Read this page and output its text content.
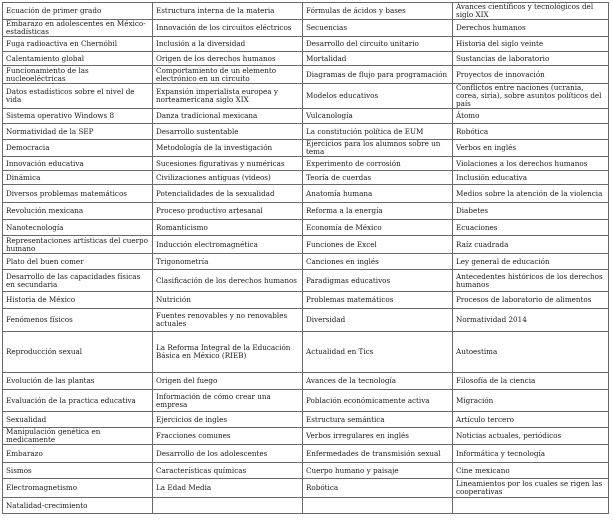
Ecuación de primer grado	Estructura interna de la materia	Fórmulas de ácidos y bases	Avances científicos y tecnológicos del siglo XIX
Embarazo en adolescentes en México-estadísticas	Innovación de los circuitos eléctricos	Secuencias	Derechos humanos
Fuga radioactiva en Chernóbil	Inclusión a la diversidad	Desarrollo del circuito unitario	Historia del siglo veinte
Calentamiento global	Origen de los derechos humanos	Mortalidad	Sustancias de laboratorio
Funcionamiento de las nucleoeléctricas	Comportamiento de un elemento electrónico en un circuito	Diagramas de flujo para programación	Proyectos de innovación
Datos estadísticos sobre el nivel de vida	Expansión imperialista europea y norteamericana siglo XIX	Modelos educativos	Conflictos entre naciones (ucrania, corea, siria), sobre asuntos políticos del país
Sistema operativo Windows 8	Danza tradicional mexicana	Vulcanología	Átomo
Normatividad de la SEP	Desarrollo sustentable	La constitución política de EUM	Robótica
Democracia	Metodología de la investigación	Ejercicios para los alumnos sobre un tema	Verbos en inglés
Innovación educativa	Sucesiones figurativas y numéricas	Experimento de corrosión	Violaciones a los derechos humanos
Dinámica	Civilizaciones antiguas (videos)	Teoría de cuerdas	Inclusión educativa
Diversos problemas matemáticos	Potencialidades de la sexualidad	Anatomía humana	Medios sobre la atención de la violencia
Revolución mexicana	Proceso productivo artesanal	Reforma a la energía	Diabetes
Nanotecnología	Romanticismo	Economía de México	Ecuaciones
Representaciones artísticas del cuerpo humano	Inducción electromagnética	Funciones de Excel	Raíz cuadrada
Plato del buen comer	Trigonometría	Canciones en inglés	Ley general de educación
Desarrollo de las capacidades físicas en secundaria	Clasificación de los derechos humanos	Paradigmas educativos	Antecedentes históricos de los derechos humanos
Historia de México	Nutrición	Problemas matemáticos	Procesos de laboratorio de alimentos
Fenómenos físicos	Fuentes renovables y no renovables actuales	Diversidad	Normatividad 2014
Reproducción sexual	La Reforma Integral de la Educación Básica en México (RIEB)	Actualidad en Tics	Autoestima
Evolución de las plantas	Origen del fuego	Avances de la tecnología	Filosofía de la ciencia
Evaluación de la practica educativa	Información de cómo crear una empresa	Población económicamente activa	Migración
Sexualidad	Ejercicios de ingles	Estructura semántica	Artículo tercero
Manipulación genética en medicamente	Fracciones comunes	Verbos irregulares en inglés	Noticias actuales, periódicos
Embarazo	Desarrollo de los adolescentes	Enfermedades de transmisión sexual	Informática y tecnología
Sismos	Características químicas	Cuerpo humano y paisaje	Cine mexicano
Electromagnetismo	La Edad Media	Robótica	Lineamientos por los cuales se rigen las cooperativas
Natalidad-crecimiento			
